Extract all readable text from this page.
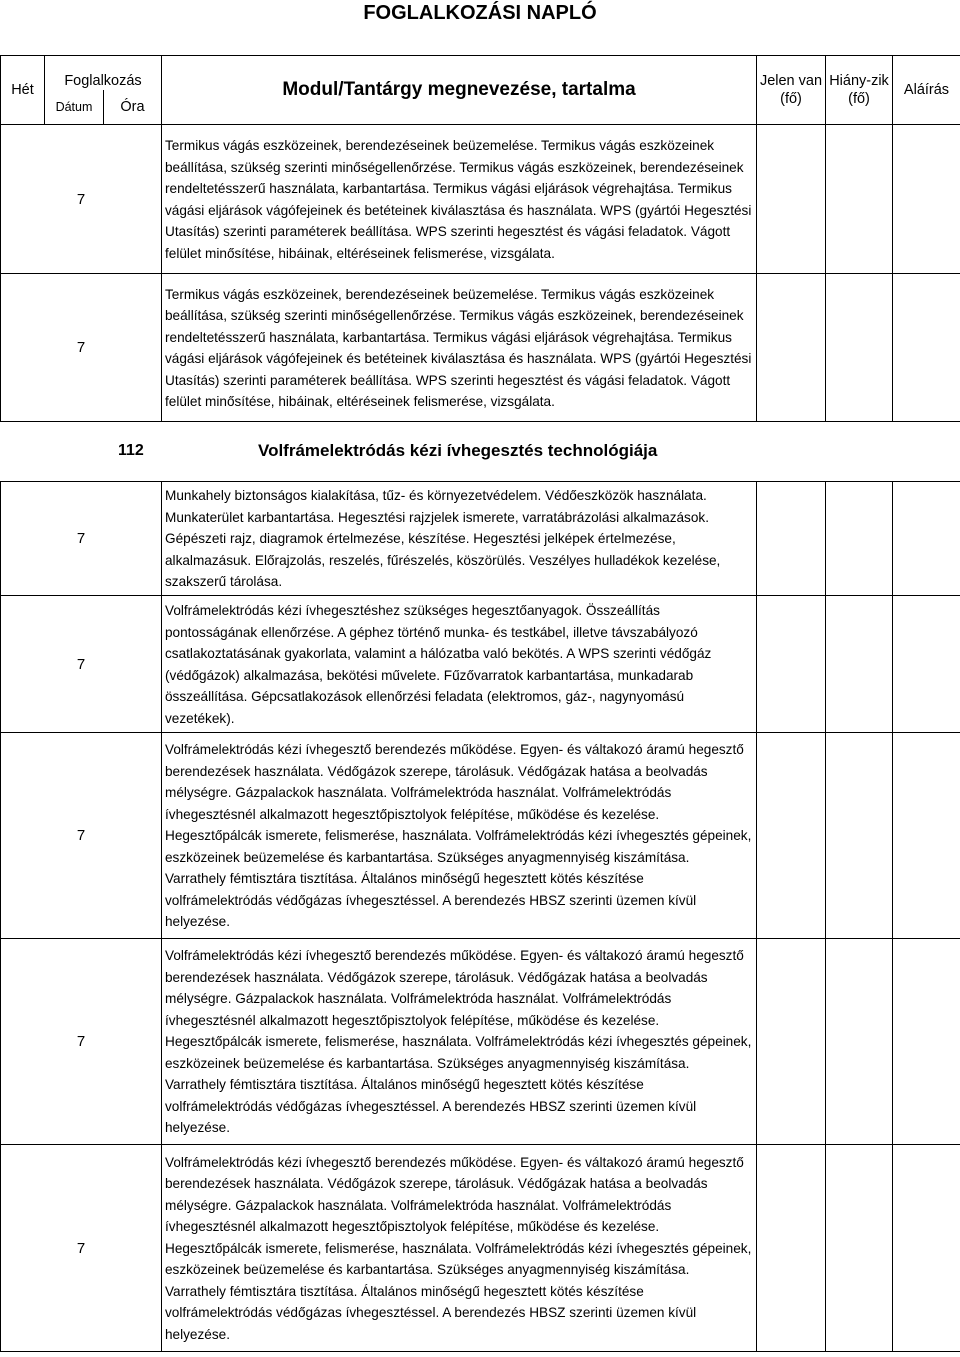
FOGLALKOZÁSI NAPLÓ
Hét	Foglalkozás		Modul/Tantárgy megnevezése, tartalma	Jelen van	Hiány-zik	Aláírás
	Dátum	Óra		(fő)	(fő)	
7	Termikus vágás eszközeinek, berendezéseinek beüzemelése. Termikus vágás eszközeinek beállítása, szükség szerinti minőségellenőrzése. Termikus vágás eszközeinek, berendezéseinek rendeltetésszerű használata, karbantartása. Termikus vágási eljárások végrehajtása. Termikus vágási eljárások vágófejeinek és betéteinek kiválasztása és használata. WPS (gyártói Hegesztési Utasítás) szerinti paraméterek beállítása. WPS szerinti hegesztést és vágási feladatok. Vágott felület minősítése, hibáinak, eltéréseinek felismerése, vizsgálata.			
7	Termikus vágás eszközeinek, berendezéseinek beüzemelése. Termikus vágás eszközeinek beállítása, szükség szerinti minőségellenőrzése. Termikus vágás eszközeinek, berendezéseinek rendeltetésszerű használata, karbantartása. Termikus vágási eljárások végrehajtása. Termikus vágási eljárások vágófejeinek és betéteinek kiválasztása és használata. WPS (gyártói Hegesztési Utasítás) szerinti paraméterek beállítása. WPS szerinti hegesztést és vágási feladatok. Vágott felület minősítése, hibáinak, eltéréseinek felismerése, vizsgálata.			
112	Volfrámelektródás kézi ívhegesztés technológiája
7	Munkahely biztonságos kialakítása, tűz- és környezetvédelem. Védőeszközök használata. Munkaterület karbantartása. Hegesztési rajzjelek ismerete, varratábrázolási alkalmazások. Gépészeti rajz, diagramok értelmezése, készítése. Hegesztési jelképek értelmezése, alkalmazásuk. Előrajzolás, reszelés, fűrészelés, köszörülés. Veszélyes hulladékok kezelése, szakszerű tárolása.			
7	Volfrámelektródás kézi ívhegesztéshez szükséges hegesztőanyagok. Összeállítás pontosságának ellenőrzése. A géphez történő munka- és testkábel, illetve távszabályozó csatlakoztatásának gyakorlata, valamint a hálózatba való bekötés. A WPS szerinti védőgáz (védőgázok) alkalmazása, bekötési művelete. Fűzővarratok karbantartása, munkadarab összeállítása. Gépcsatlakozások ellenőrzési feladata (elektromos, gáz-, nagynyomású vezetékek).			
7	Volfrámelektródás kézi ívhegesztő berendezés működése. Egyen- és váltakozó áramú hegesztő berendezések használata. Védőgázok szerepe, tárolásuk. Védőgázak hatása a beolvadás mélységre. Gázpalackok használata. Volfrámelektróda használat. Volfrámelektródás ívhegesztésnél alkalmazott hegesztőpisztolyok felépítése, működése és kezelése. Hegesztőpálcák ismerete, felismerése, használata. Volfrámelektródás kézi ívhegesztés gépeinek, eszközeinek beüzemelése és karbantartása. Szükséges anyagmennyiség kiszámítása. Varrathely fémtisztára tisztítása. Általános minőségű hegesztett kötés készítése volfrámelektródás védőgázas ívhegesztéssel. A berendezés HBSZ szerinti üzemen kívül helyezése.			
7	Volfrámelektródás kézi ívhegesztő berendezés működése. Egyen- és váltakozó áramú hegesztő berendezések használata. Védőgázok szerepe, tárolásuk. Védőgázak hatása a beolvadás mélységre. Gázpalackok használata. Volfrámelektróda használat. Volfrámelektródás ívhegesztésnél alkalmazott hegesztőpisztolyok felépítése, működése és kezelése. Hegesztőpálcák ismerete, felismerése, használata. Volfrámelektródás kézi ívhegesztés gépeinek, eszközeinek beüzemelése és karbantartása. Szükséges anyagmennyiség kiszámítása. Varrathely fémtisztára tisztítása. Általános minőségű hegesztett kötés készítése volfrámelektródás védőgázas ívhegesztéssel. A berendezés HBSZ szerinti üzemen kívül helyezése.			
7	Volfrámelektródás kézi ívhegesztő berendezés működése. Egyen- és váltakozó áramú hegesztő berendezések használata. Védőgázok szerepe, tárolásuk. Védőgázak hatása a beolvadás mélységre. Gázpalackok használata. Volfrámelektróda használat. Volfrámelektródás ívhegesztésnél alkalmazott hegesztőpisztolyok felépítése, működése és kezelése. Hegesztőpálcák ismerete, felismerése, használata. Volfrámelektródás kézi ívhegesztés gépeinek, eszközeinek beüzemelése és karbantartása. Szükséges anyagmennyiség kiszámítása. Varrathely fémtisztára tisztítása. Általános minőségű hegesztett kötés készítése volfrámelektródás védőgázas ívhegesztéssel. A berendezés HBSZ szerinti üzemen kívül helyezése.			
